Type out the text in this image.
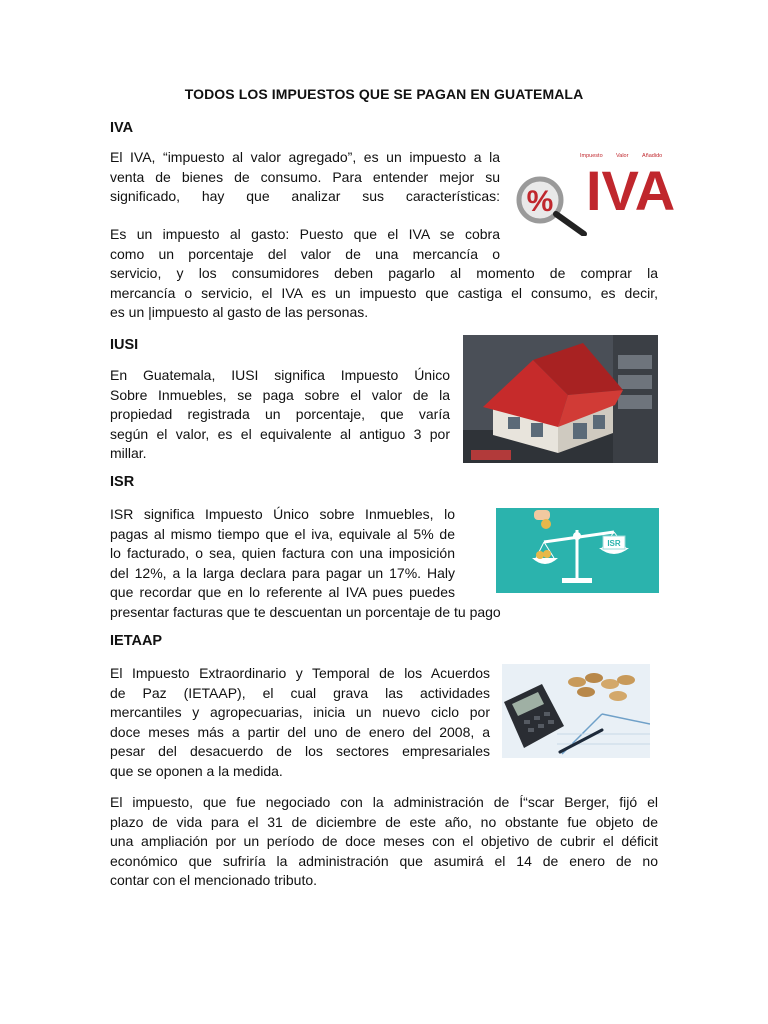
TODOS LOS IMPUESTOS QUE SE PAGAN EN GUATEMALA
IVA

El IVA, “impuesto al valor agregado”, es un impuesto a la
venta de bienes de consumo. Para entender mejor su
significado, hay que analizar sus características:

Es un impuesto al gasto: Puesto que el IVA se cobra
como un porcentaje del valor de una mercancía o
servicio, y los consumidores deben pagarlo al momento de comprar la
mercancía o servicio, el IVA es un impuesto que castiga el consumo, es decir,
es un |impuesto al gasto de las personas.

Impuesto Valor Añadido
IVA
%
IUSI

En Guatemala, IUSI significa Impuesto Único
Sobre Inmuebles, se paga sobre el valor de la
propiedad registrada un porcentaje, que varía
según el valor, es el equivalente al antiguo 3 por
millar.

ISR

ISR significa Impuesto Único sobre Inmuebles, lo
pagas al mismo tiempo que el iva, equivale al 5% de
lo facturado, o sea, quien factura con una imposición
del 12%, a la larga declara para pagar un 17%. Haly
que recordar que en lo referente al IVA pues puedes
presentar facturas que te descuentan un porcentaje de tu pago

ISR
IETAAP

El Impuesto Extraordinario y Temporal de los Acuerdos
de Paz (IETAAP), el cual grava las actividades
mercantiles y agropecuarias, inicia un nuevo ciclo por
doce meses más a partir del uno de enero del 2008, a
pesar del desacuerdo de los sectores empresariales
que se oponen a la medida.

El impuesto, que fue negociado con la administración de Í“scar Berger, fijó el
plazo de vida para el 31 de diciembre de este año, no obstante fue objeto de
una ampliación por un período de doce meses con el objetivo de cubrir el déficit
económico que sufriría la administración que asumirá el 14 de enero de no
contar con el mencionado tributo.
